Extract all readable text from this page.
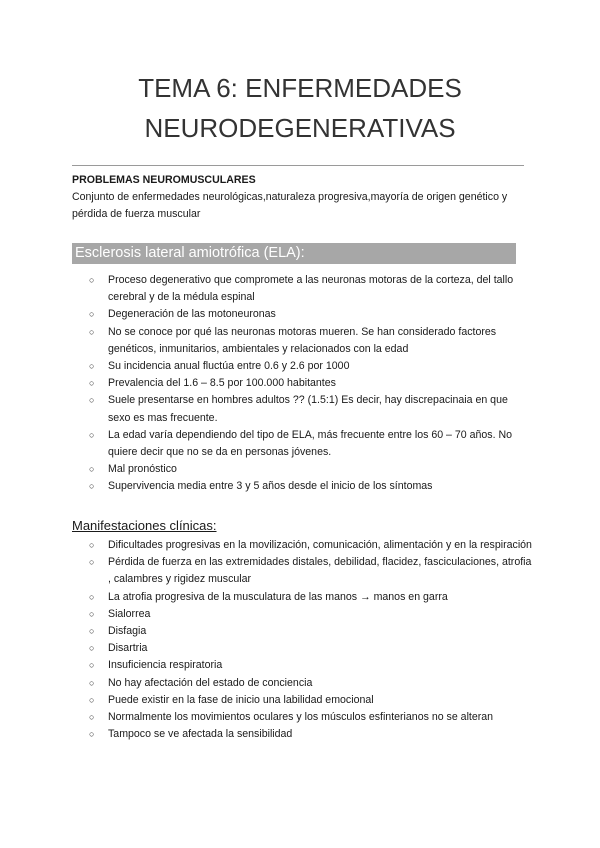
TEMA 6: ENFERMEDADES
NEURODEGENERATIVAS
PROBLEMAS NEUROMUSCULARES
Conjunto de enfermedades neurológicas,naturaleza progresiva,mayoría de origen genético y pérdida de fuerza muscular
Esclerosis lateral amiotrófica (ELA):
○ Proceso degenerativo que compromete a las neuronas motoras de la corteza, del tallo cerebral y de la médula espinal
○ Degeneración de las motoneuronas
○ No se conoce por qué las neuronas motoras mueren. Se han considerado factores genéticos, inmunitarios, ambientales y relacionados con la edad
○ Su incidencia anual fluctúa entre 0.6 y 2.6 por 1000
○ Prevalencia del 1.6 – 8.5 por 100.000 habitantes
○ Suele presentarse en hombres adultos ?? (1.5:1) Es decir, hay discrepacinaia en que sexo es mas frecuente.
○ La edad varía dependiendo del tipo de ELA, más frecuente entre los 60 – 70 años. No quiere decir que no se da en personas jóvenes.
○ Mal pronóstico
○ Supervivencia media entre 3 y 5 años desde el inicio de los síntomas
Manifestaciones clínicas:
○ Dificultades progresivas en la movilización, comunicación, alimentación y en la respiración
○ Pérdida de fuerza en las extremidades distales, debilidad, flacidez, fasciculaciones, atrofia , calambres y rigidez muscular
○ La atrofia progresiva de la musculatura de las manos → manos en garra
○ Sialorrea
○ Disfagia
○ Disartria
○ Insuficiencia respiratoria
○ No hay afectación del estado de conciencia
○ Puede existir en la fase de inicio una labilidad emocional
○ Normalmente los movimientos oculares y los músculos esfinterianos no se alteran
○ Tampoco se ve afectada la sensibilidad
